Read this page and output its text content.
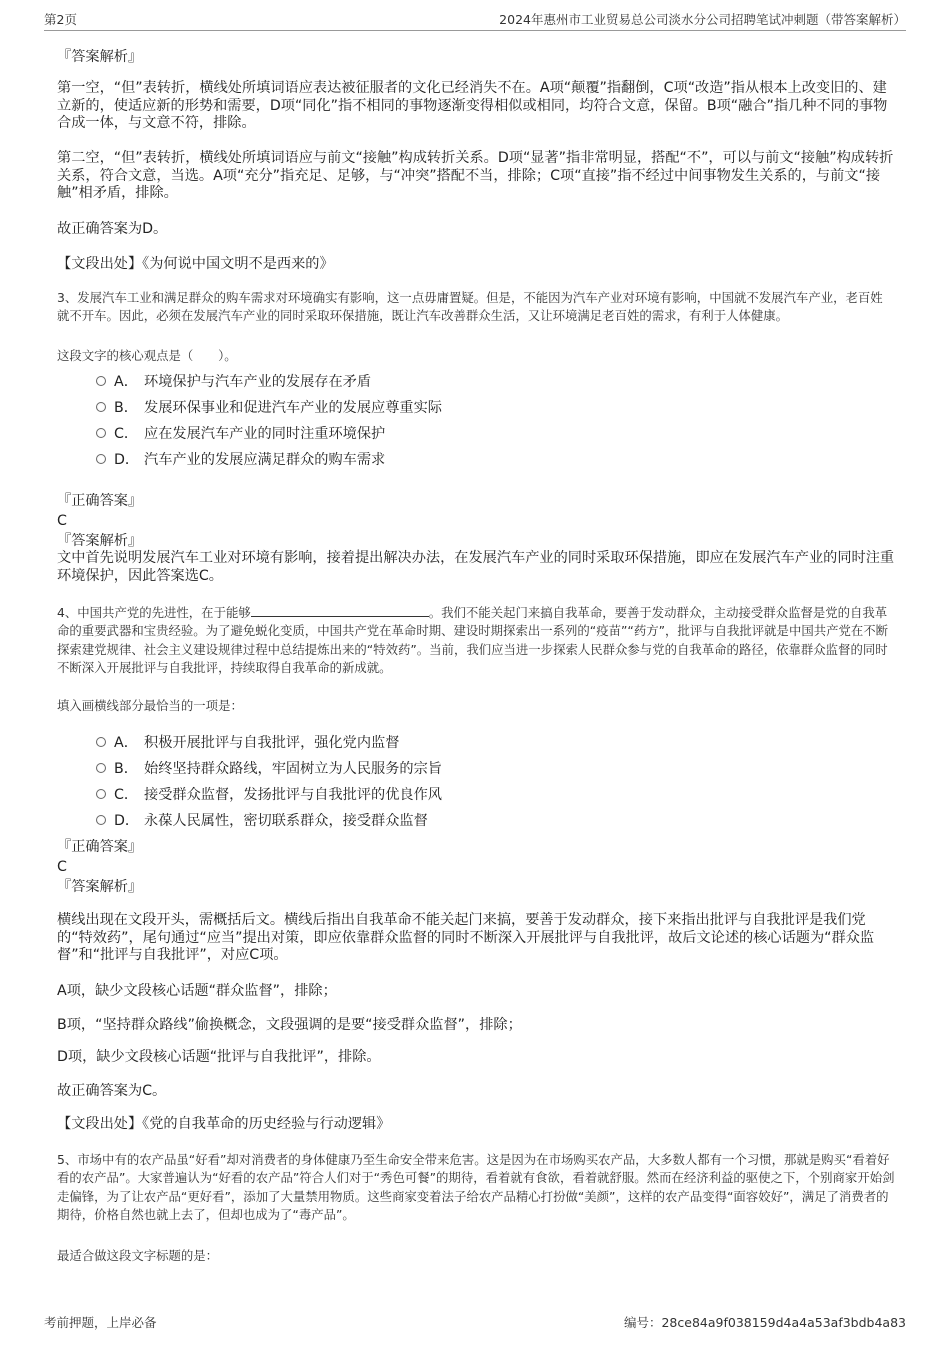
第2页	2024年惠州市工业贸易总公司淡水分公司招聘笔试冲刺题（带答案解析）
『答案解析』
第一空，“但”表转折，横线处所填词语应表达被征服者的文化已经消失不在。A项“颠覆”指翻倒，C项“改造”指从根本上改变旧的、建立新的，使适应新的形势和需要，D项“同化”指不相同的事物逐渐变得相似或相同，均符合文意，保留。B项“融合”指几种不同的事物合成一体，与文意不符，排除。
第二空，“但”表转折，横线处所填词语应与前文“接触”构成转折关系。D项“显著”指非常明显，搭配“不”，可以与前文“接触”构成转折关系，符合文意，当选。A项“充分”指充足、足够，与“冲突”搭配不当，排除；C项“直接”指不经过中间事物发生关系的，与前文“接触”相矛盾，排除。
故正确答案为D。
【文段出处】《为何说中国文明不是西来的》
3、发展汽车工业和满足群众的购车需求对环境确实有影响，这一点毋庸置疑。但是，不能因为汽车产业对环境有影响，中国就不发展汽车产业，老百姓就不开车。因此，必须在发展汽车产业的同时采取环保措施，既让汽车改善群众生活，又让环境满足老百姓的需求，有利于人体健康。
这段文字的核心观点是（　　）。
A． 环境保护与汽车产业的发展存在矛盾
B． 发展环保事业和促进汽车产业的发展应尊重实际
C． 应在发展汽车产业的同时注重环境保护
D． 汽车产业的发展应满足群众的购车需求
『正确答案』
C
『答案解析』
文中首先说明发展汽车工业对环境有影响，接着提出解决办法，在发展汽车产业的同时采取环保措施，即应在发展汽车产业的同时注重环境保护，因此答案选C。
4、中国共产党的先进性，在于能够	。我们不能关起门来搞自我革命，要善于发动群众，主动接受群众监督是党的自我革命的重要武器和宝贵经验。为了避免蜕化变质，中国共产党在革命时期、建设时期探索出一系列的“疫苗”“药方”，批评与自我批评就是中国共产党在不断探索建党规律、社会主义建设规律过程中总结提炼出来的“特效药”。当前，我们应当进一步探索人民群众参与党的自我革命的路径，依靠群众监督的同时不断深入开展批评与自我批评，持续取得自我革命的新成就。
填入画横线部分最恰当的一项是：
A． 积极开展批评与自我批评，强化党内监督
B． 始终坚持群众路线，牢固树立为人民服务的宗旨
C． 接受群众监督，发扬批评与自我批评的优良作风
D． 永葆人民属性，密切联系群众，接受群众监督
『正确答案』
C
『答案解析』
横线出现在文段开头，需概括后文。横线后指出自我革命不能关起门来搞，要善于发动群众，接下来指出批评与自我批评是我们党的“特效药”，尾句通过“应当”提出对策，即应依靠群众监督的同时不断深入开展批评与自我批评，故后文论述的核心话题为“群众监督”和“批评与自我批评”，对应C项。
A项，缺少文段核心话题“群众监督”，排除；
B项，“坚持群众路线”偷换概念，文段强调的是要“接受群众监督”，排除；
D项，缺少文段核心话题“批评与自我批评”，排除。
故正确答案为C。
【文段出处】《党的自我革命的历史经验与行动逻辑》
5、市场中有的农产品虽“好看”却对消费者的身体健康乃至生命安全带来危害。这是因为在市场购买农产品，大多数人都有一个习惯，那就是购买“看着好看的农产品”。大家普遍认为“好看的农产品”符合人们对于“秀色可餐”的期待，看着就有食欲，看着就舒服。然而在经济利益的驱使之下，个别商家开始剑走偏锋，为了让农产品“更好看”，添加了大量禁用物质。这些商家变着法子给农产品精心打扮做“美颜”，这样的农产品变得“面容姣好”，满足了消费者的期待，价格自然也就上去了，但却也成为了“毒产品”。
最适合做这段文字标题的是：
考前押题，上岸必备	编号：28ce84a9f038159d4a4a53af3bdb4a83
